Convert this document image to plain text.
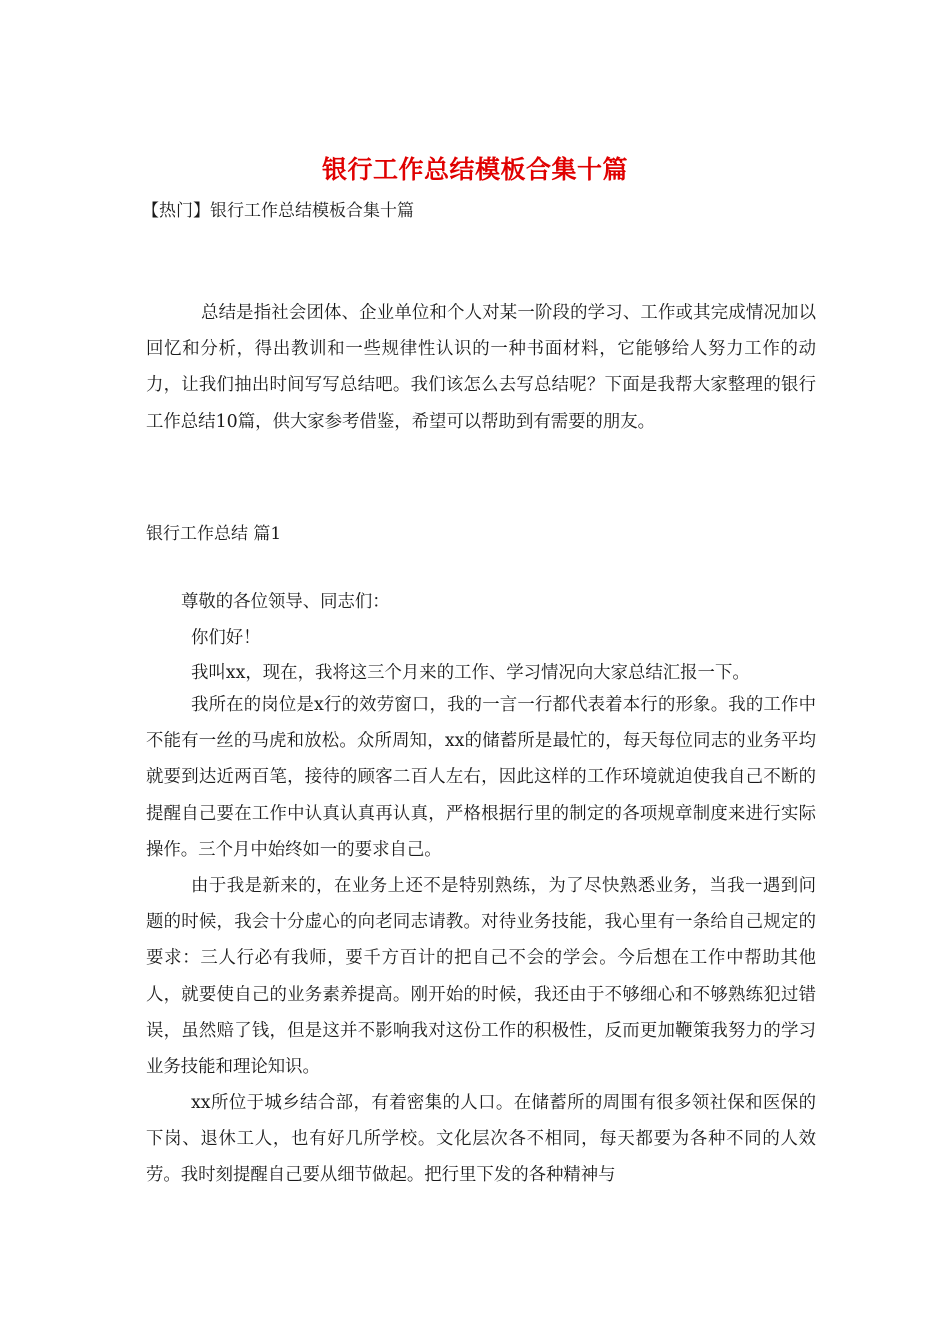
银行工作总结模板合集十篇
【热门】银行工作总结模板合集十篇
总结是指社会团体、企业单位和个人对某一阶段的学习、工作或其完成情况加以回忆和分析，得出教训和一些规律性认识的一种书面材料，它能够给人努力工作的动力，让我们抽出时间写写总结吧。我们该怎么去写总结呢？下面是我帮大家整理的银行工作总结10篇，供大家参考借鉴，希望可以帮助到有需要的朋友。
银行工作总结 篇1
尊敬的各位领导、同志们：
你们好！
我叫xx，现在，我将这三个月来的工作、学习情况向大家总结汇报一下。
我所在的岗位是x行的效劳窗口，我的一言一行都代表着本行的形象。我的工作中不能有一丝的马虎和放松。众所周知，xx的储蓄所是最忙的，每天每位同志的业务平均就要到达近两百笔，接待的顾客二百人左右，因此这样的工作环境就迫使我自己不断的提醒自己要在工作中认真认真再认真，严格根据行里的制定的各项规章制度来进行实际操作。三个月中始终如一的要求自己。
由于我是新来的，在业务上还不是特别熟练，为了尽快熟悉业务，当我一遇到问题的时候，我会十分虚心的向老同志请教。对待业务技能，我心里有一条给自己规定的要求：三人行必有我师，要千方百计的把自己不会的学会。今后想在工作中帮助其他人，就要使自己的业务素养提高。刚开始的时候，我还由于不够细心和不够熟练犯过错误，虽然赔了钱，但是这并不影响我对这份工作的积极性，反而更加鞭策我努力的学习业务技能和理论知识。
xx所位于城乡结合部，有着密集的人口。在储蓄所的周围有很多领社保和医保的下岗、退休工人，也有好几所学校。文化层次各不相同，每天都要为各种不同的人效劳。我时刻提醒自己要从细节做起。把行里下发的各种精神与
